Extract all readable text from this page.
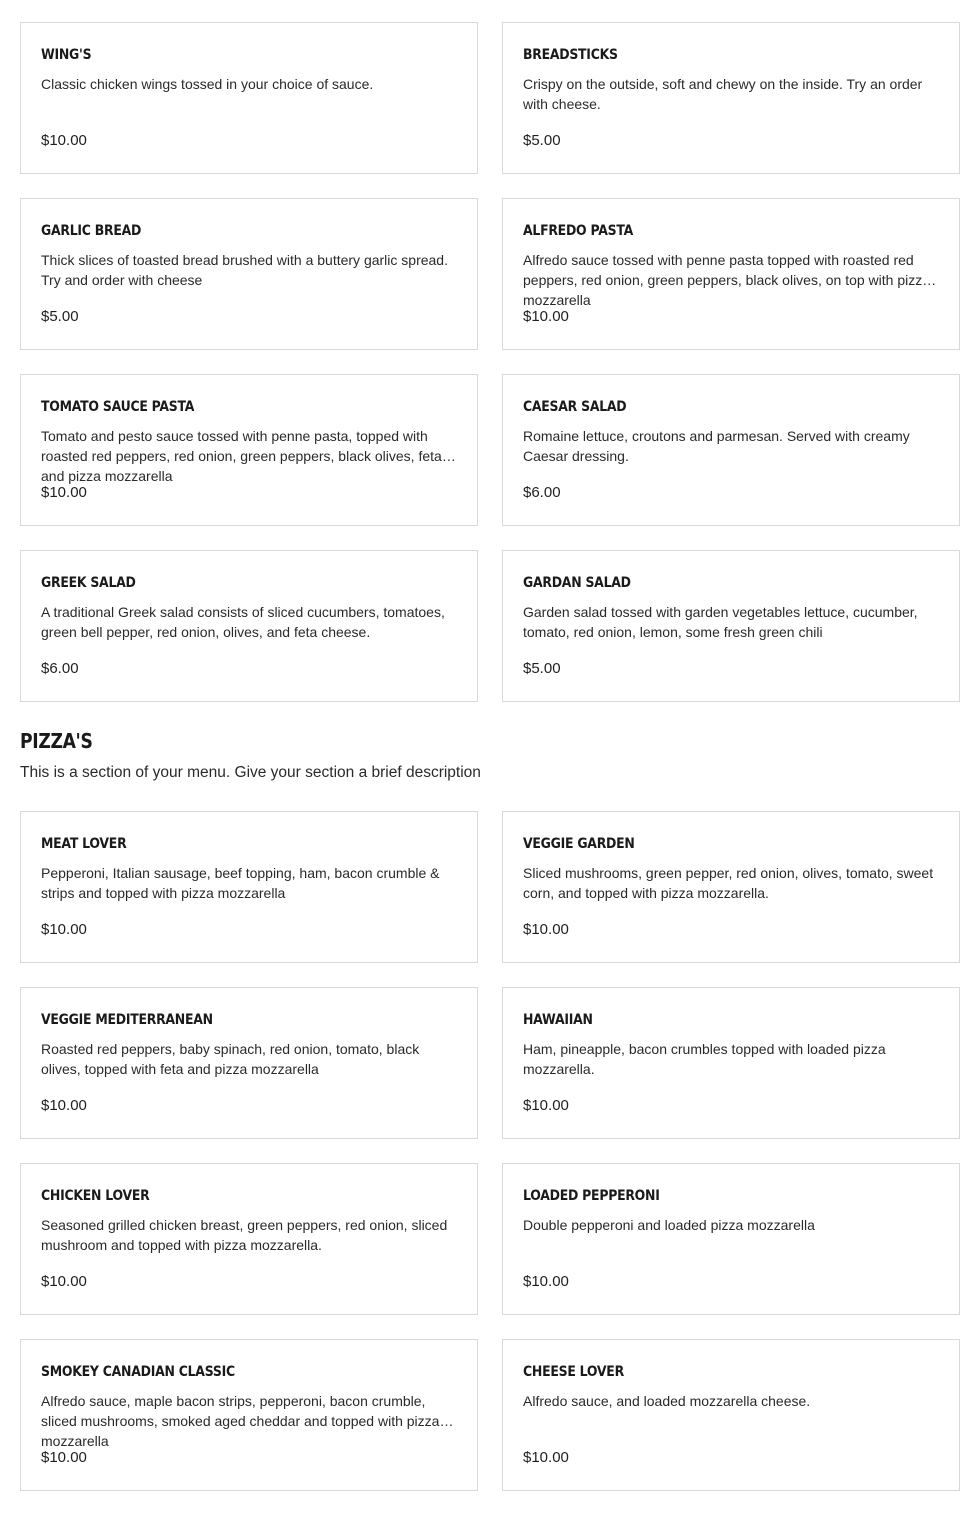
WING'S
Classic chicken wings tossed in your choice of sauce.
$10.00
BREADSTICKS
Crispy on the outside, soft and chewy on the inside. Try an order with cheese.
$5.00
GARLIC BREAD
Thick slices of toasted bread brushed with a buttery garlic spread. Try and order with cheese
$5.00
ALFREDO PASTA
Alfredo sauce tossed with penne pasta topped with roasted red peppers, red onion, green peppers, black olives, on top with pizza mozzarella
$10.00
TOMATO SAUCE PASTA
Tomato and pesto sauce tossed with penne pasta, topped with roasted red peppers, red onion, green peppers, black olives, feta and pizza mozzarella
$10.00
CAESAR SALAD
Romaine lettuce, croutons and parmesan. Served with creamy Caesar dressing.
$6.00
GREEK SALAD
A traditional Greek salad consists of sliced cucumbers, tomatoes, green bell pepper, red onion, olives, and feta cheese.
$6.00
GARDAN SALAD
Garden salad tossed with garden vegetables lettuce, cucumber, tomato, red onion, lemon, some fresh green chili
$5.00
PIZZA'S
This is a section of your menu. Give your section a brief description
MEAT LOVER
Pepperoni, Italian sausage, beef topping, ham, bacon crumble & strips and topped with pizza mozzarella
$10.00
VEGGIE GARDEN
Sliced mushrooms, green pepper, red onion, olives, tomato, sweet corn, and topped with pizza mozzarella.
$10.00
VEGGIE MEDITERRANEAN
Roasted red peppers, baby spinach, red onion, tomato, black olives, topped with feta and pizza mozzarella
$10.00
HAWAIIAN
Ham, pineapple, bacon crumbles topped with loaded pizza mozzarella.
$10.00
CHICKEN LOVER
Seasoned grilled chicken breast, green peppers, red onion, sliced mushroom and topped with pizza mozzarella.
$10.00
LOADED PEPPERONI
Double pepperoni and loaded pizza mozzarella
$10.00
SMOKEY CANADIAN CLASSIC
Alfredo sauce, maple bacon strips, pepperoni, bacon crumble, sliced mushrooms, smoked aged cheddar and topped with pizza mozzarella
$10.00
CHEESE LOVER
Alfredo sauce, and loaded mozzarella cheese.
$10.00
